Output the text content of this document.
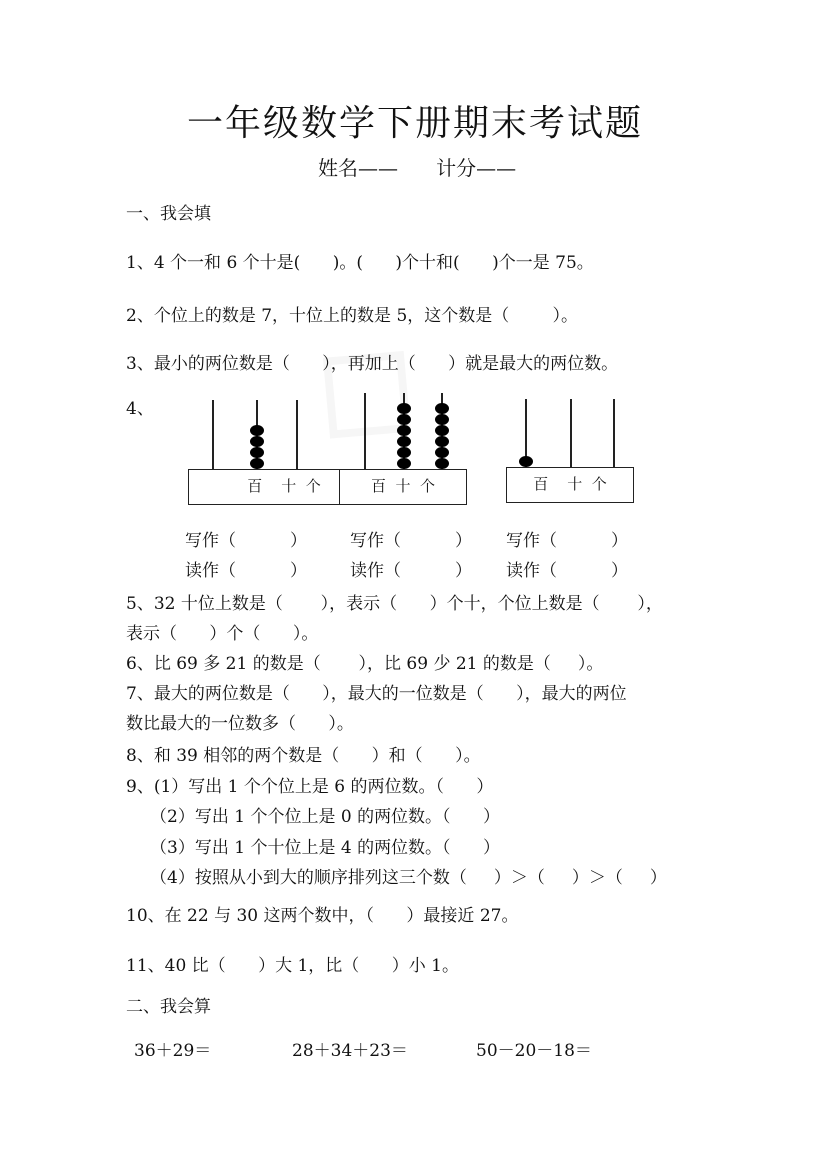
一年级数学下册期末考试题
姓名——      计分——
一、我会填
1、4 个一和 6 个十是(      )。(      )个十和(      )个一是 75。
2、个位上的数是 7，十位上的数是 5，这个数是（        ）。
3、最小的两位数是（      ），再加上（      ）就是最大的两位数。
4、
百    十  个	百  十  个	百    十  个
写作（          ）	写作（          ） 写作（          ）
读作（          ）	读作（          ） 读作（          ）
5、32 十位上数是（       ），表示（      ）个十，个位上数是（       ），
表示（      ）个（      ）。
6、比 69 多 21 的数是（       ），比 69 少 21 的数是（     ）。
7、最大的两位数是（      ），最大的一位数是（      ），最大的两位
数比最大的一位数多（      ）。
8、和 39 相邻的两个数是（      ）和（      ）。
9、(1）写出 1 个个位上是 6 的两位数。（      ）
（2）写出 1 个个位上是 0 的两位数。（      ）
（3）写出 1 个十位上是 4 的两位数。（      ）
（4）按照从小到大的顺序排列这三个数（     ）＞（     ）＞（     ）
10、在 22 与 30 这两个数中，（      ）最接近 27。
11、40 比（      ）大 1，比（      ）小 1。
二、我会算
36＋29＝	28＋34＋23＝	50－20－18＝
